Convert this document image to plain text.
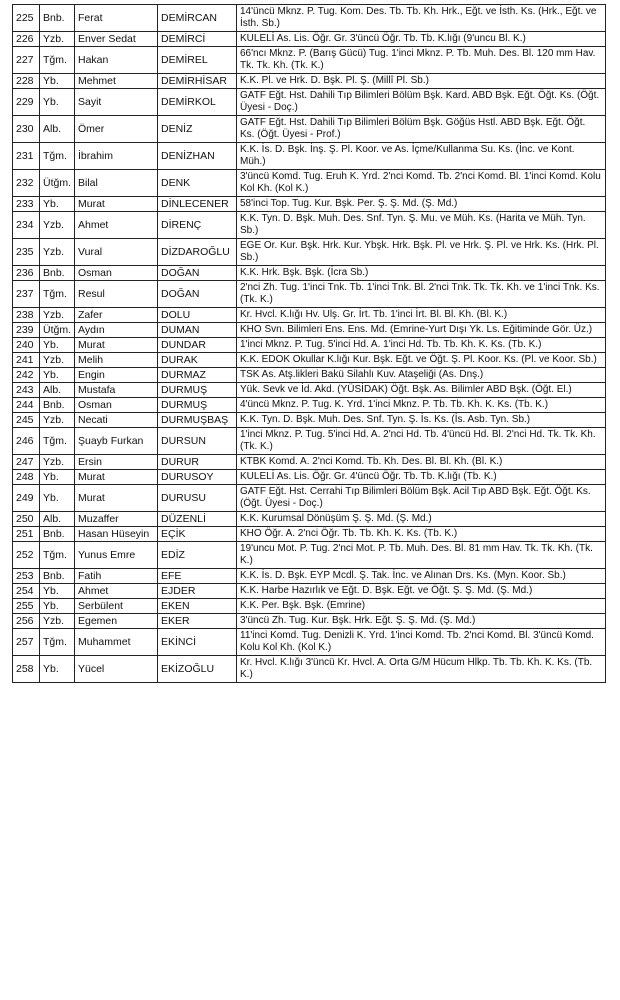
225	Bnb.	Ferat	DEMİRCAN	14'üncü Mknz. P. Tug. Kom. Des. Tb. Tb. Kh. Hrk., Eğt. ve İsth. Ks. (Hrk., Eğt. ve İsth. Sb.)
226	Yzb.	Enver Sedat	DEMİRCİ	KULELİ As. Lis. Öğr. Gr. 3'üncü Öğr. Tb. Tb. K.lığı (9'uncu Bl. K.)
227	Tğm.	Hakan	DEMİREL	66'ncı Mknz. P. (Barış Gücü) Tug. 1'inci Mknz. P. Tb. Muh. Des. Bl. 120 mm Hav. Tk. Tk. Kh. (Tk. K.)
228	Yb.	Mehmet	DEMİRHİSAR	K.K. Pl. ve Hrk. D. Bşk. Pl. Ş. (Millî Pl. Sb.)
229	Yb.	Sayit	DEMİRKOL	GATF Eğt. Hst. Dahili Tıp Bilimleri Bölüm Bşk. Kard. ABD Bşk. Eğt. Öğt. Ks. (Öğt. Üyesi - Doç.)
230	Alb.	Ömer	DENİZ	GATF Eğt. Hst. Dahili Tıp Bilimleri Bölüm Bşk. Göğüs Hstl. ABD Bşk. Eğt. Öğt. Ks. (Öğt. Üyesi - Prof.)
231	Tğm.	İbrahim	DENİZHAN	K.K. İs. D. Bşk. İnş. Ş. Pl. Koor. ve As. İçme/Kullanma Su. Ks. (İnc. ve Kont. Müh.)
232	Ütğm.	Bilal	DENK	3'üncü Komd. Tug. Eruh K. Yrd. 2'nci Komd. Tb. 2'nci Komd. Bl. 1'inci Komd. Kolu Kol Kh. (Kol K.)
233	Yb.	Murat	DİNLECENER	58'inci Top. Tug. Kur. Bşk. Per. Ş. Ş. Md. (Ş. Md.)
234	Yzb.	Ahmet	DİRENÇ	K.K. Tyn. D. Bşk. Muh. Des. Snf. Tyn. Ş. Mu. ve Müh. Ks. (Harita ve Müh. Tyn. Sb.)
235	Yzb.	Vural	DİZDAROĞLU	EGE Or. Kur. Bşk. Hrk. Kur. Ybşk. Hrk. Bşk. Pl. ve Hrk. Ş. Pl. ve Hrk. Ks. (Hrk. Pl. Sb.)
236	Bnb.	Osman	DOĞAN	K.K. Hrk. Bşk. Bşk. (İcra Sb.)
237	Tğm.	Resul	DOĞAN	2'nci Zh. Tug. 1'inci Tnk. Tb. 1'inci Tnk. Bl. 2'nci Tnk. Tk. Tk. Kh. ve 1'inci Tnk. Ks. (Tk. K.)
238	Yzb.	Zafer	DOLU	Kr. Hvcl. K.lığı Hv. Ulş. Gr. İrt. Tb. 1'inci İrt. Bl. Bl. Kh. (Bl. K.)
239	Ütğm.	Aydın	DUMAN	KHO Svn. Bilimleri Ens. Ens. Md. (Emrine-Yurt Dışı Yk. Ls. Eğitiminde Gör. Üz.)
240	Yb.	Murat	DUNDAR	1'inci Mknz. P. Tug. 5'inci Hd. A. 1'inci Hd. Tb. Tb. Kh. K. Ks. (Tb. K.)
241	Yzb.	Melih	DURAK	K.K. EDOK Okullar K.lığı Kur. Bşk. Eğt. ve Öğt. Ş. Pl. Koor. Ks. (Pl. ve Koor. Sb.)
242	Yb.	Engin	DURMAZ	TSK As. Atş.likleri Bakü Silahlı Kuv. Ataşeliği (As. Dnş.)
243	Alb.	Mustafa	DURMUŞ	Yük. Sevk ve İd. Akd. (YÜSİDAK) Öğt. Bşk. As. Bilimler ABD Bşk. (Öğt. El.)
244	Bnb.	Osman	DURMUŞ	4'üncü Mknz. P. Tug. K. Yrd. 1'inci Mknz. P. Tb. Tb. Kh. K. Ks. (Tb. K.)
245	Yzb.	Necati	DURMUŞBAŞ	K.K. Tyn. D. Bşk. Muh. Des. Snf. Tyn. Ş. İs. Ks. (İs. Asb. Tyn. Sb.)
246	Tğm.	Şuayb Furkan	DURSUN	1'inci Mknz. P. Tug. 5'inci Hd. A. 2'nci Hd. Tb. 4'üncü Hd. Bl. 2'nci Hd. Tk. Tk. Kh. (Tk. K.)
247	Yzb.	Ersin	DURUR	KTBK Komd. A. 2'nci Komd. Tb. Kh. Des. Bl. Bl. Kh. (Bl. K.)
248	Yb.	Murat	DURUSOY	KULELİ As. Lis. Öğr. Gr. 4'üncü Öğr. Tb. Tb. K.lığı (Tb. K.)
249	Yb.	Murat	DURUSU	GATF Eğt. Hst. Cerrahi Tıp Bilimleri Bölüm Bşk. Acil Tıp ABD Bşk. Eğt. Öğt. Ks. (Öğt. Üyesi - Doç.)
250	Alb.	Muzaffer	DÜZENLİ	K.K. Kurumsal Dönüşüm Ş. Ş. Md. (Ş. Md.)
251	Bnb.	Hasan Hüseyin	EÇİK	KHO Öğr. A. 2'nci Öğr. Tb. Tb. Kh. K. Ks. (Tb. K.)
252	Tğm.	Yunus Emre	EDİZ	19'uncu Mot. P. Tug. 2'nci Mot. P. Tb. Muh. Des. Bl. 81 mm Hav. Tk. Tk. Kh. (Tk. K.)
253	Bnb.	Fatih	EFE	K.K. İs. D. Bşk. EYP Mcdl. Ş. Tak. İnc. ve Alınan Drs. Ks. (Myn. Koor. Sb.)
254	Yb.	Ahmet	EJDER	K.K. Harbe Hazırlık ve Eğt. D. Bşk. Eğt. ve Öğt. Ş. Ş. Md. (Ş. Md.)
255	Yb.	Serbülent	EKEN	K.K. Per. Bşk. Bşk. (Emrine)
256	Yzb.	Egemen	EKER	3'üncü Zh. Tug. Kur. Bşk. Hrk. Eğt. Ş. Ş. Md. (Ş. Md.)
257	Tğm.	Muhammet	EKİNCİ	11'inci Komd. Tug. Denizli K. Yrd. 1'inci Komd. Tb. 2'nci Komd. Bl. 3'üncü Komd. Kolu Kol Kh. (Kol K.)
258	Yb.	Yücel	EKİZOĞLU	Kr. Hvcl. K.lığı 3'üncü Kr. Hvcl. A. Orta G/M Hücum Hlkp. Tb. Tb. Kh. K. Ks. (Tb. K.)
